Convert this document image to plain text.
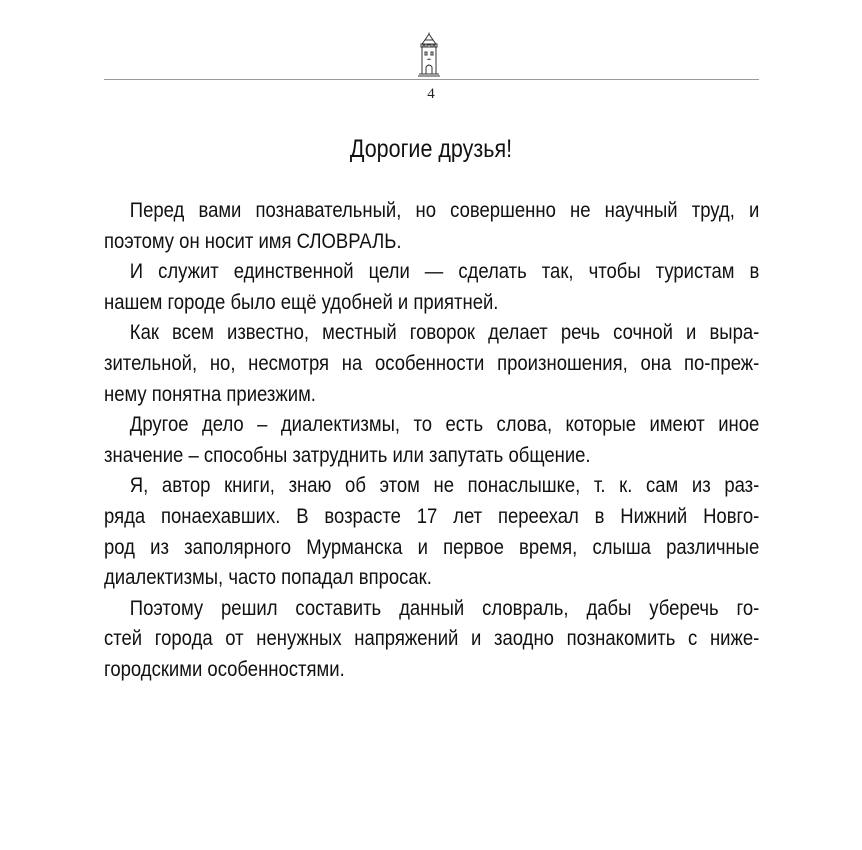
4
Дорогие друзья!

Перед вами познавательный, но совершенно не научный труд, и
поэтому он носит имя СЛОВРАЛЬ.

И служит единственной цели — сделать так, чтобы туристам в
нашем городе было ещё удобней и приятней.

Как всем известно, местный говорок делает речь сочной и выра-
зительной, но, несмотря на особенности произношения, она по-преж-
нему понятна приезжим.

Другое дело – диалектизмы, то есть слова, которые имеют иное
значение – способны затруднить или запутать общение.

Я, автор книги, знаю об этом не понаслышке, т. к. сам из раз-
ряда понаехавших. В возрасте 17 лет переехал в Нижний Новго-
род из заполярного Мурманска и первое время, слыша различные
диалектизмы, часто попадал впросак.

Поэтому решил составить данный словраль, дабы уберечь го-
стей города от ненужных напряжений и заодно познакомить с ниже-
городскими особенностями.
